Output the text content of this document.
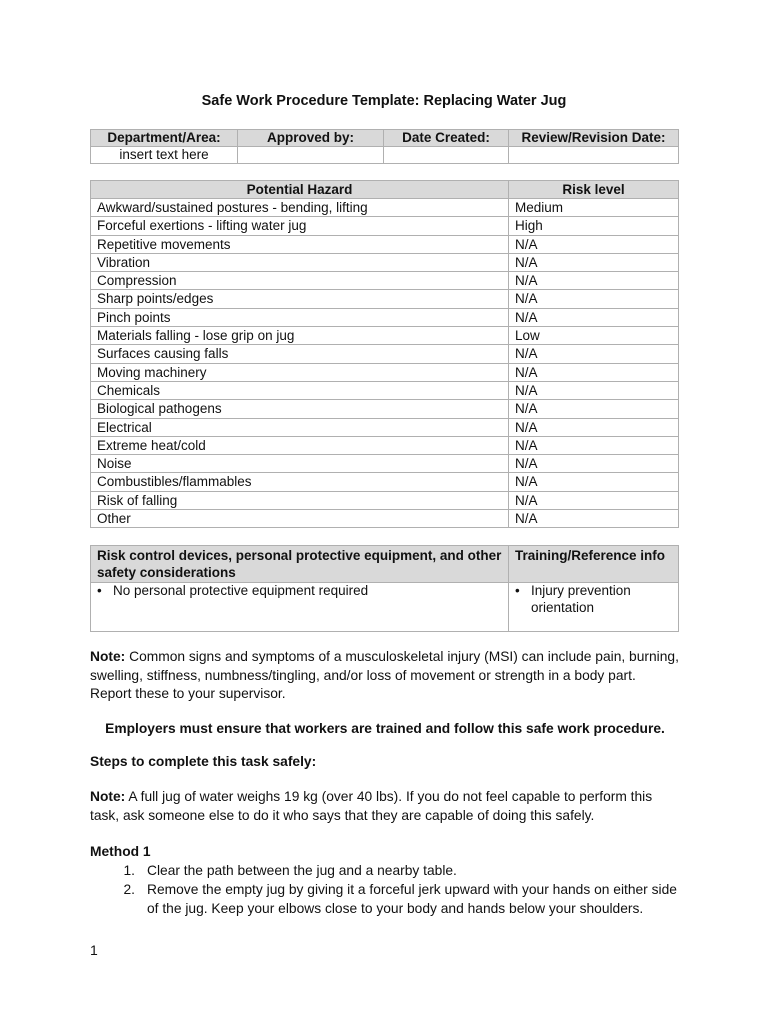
Safe Work Procedure Template: Replacing Water Jug
Department/Area:	Approved by:	Date Created:	Review/Revision Date:
insert text here			
Potential Hazard	Risk level
Awkward/sustained postures - bending, lifting	Medium
Forceful exertions - lifting water jug	High
Repetitive movements	N/A
Vibration	N/A
Compression	N/A
Sharp points/edges	N/A
Pinch points	N/A
Materials falling - lose grip on jug	Low
Surfaces causing falls	N/A
Moving machinery	N/A
Chemicals	N/A
Biological pathogens	N/A
Electrical	N/A
Extreme heat/cold	N/A
Noise	N/A
Combustibles/flammables	N/A
Risk of falling	N/A
Other	N/A
Risk control devices, personal protective equipment, and other safety considerations	Training/Reference info

• No personal protective equipment required	• Injury prevention orientation
Note: Common signs and symptoms of a musculoskeletal injury (MSI) can include pain, burning, swelling, stiffness, numbness/tingling, and/or loss of movement or strength in a body part. Report these to your supervisor.
Employers must ensure that workers are trained and follow this safe work procedure.
Steps to complete this task safely:
Note: A full jug of water weighs 19 kg (over 40 lbs). If you do not feel capable to perform this task, ask someone else to do it who says that they are capable of doing this safely.
Method 1
1. Clear the path between the jug and a nearby table.
2. Remove the empty jug by giving it a forceful jerk upward with your hands on either side of the jug. Keep your elbows close to your body and hands below your shoulders.
1
